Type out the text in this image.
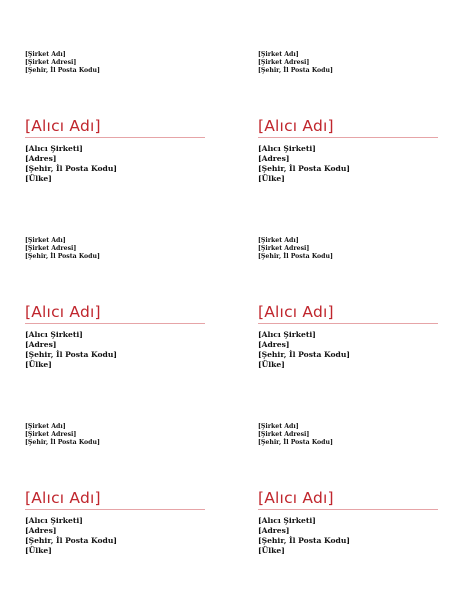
[Şirket Adı]
[Şirket Adresi]
[Şehir, İl Posta Kodu]
[Alıcı Adı]
[Alıcı Şirketi]
[Adres]
[Şehir, İl Posta Kodu]
[Ülke]
[Şirket Adı]
[Şirket Adresi]
[Şehir, İl Posta Kodu]
[Alıcı Adı]
[Alıcı Şirketi]
[Adres]
[Şehir, İl Posta Kodu]
[Ülke]
[Şirket Adı]
[Şirket Adresi]
[Şehir, İl Posta Kodu]
[Alıcı Adı]
[Alıcı Şirketi]
[Adres]
[Şehir, İl Posta Kodu]
[Ülke]
[Şirket Adı]
[Şirket Adresi]
[Şehir, İl Posta Kodu]
[Alıcı Adı]
[Alıcı Şirketi]
[Adres]
[Şehir, İl Posta Kodu]
[Ülke]
[Şirket Adı]
[Şirket Adresi]
[Şehir, İl Posta Kodu]
[Alıcı Adı]
[Alıcı Şirketi]
[Adres]
[Şehir, İl Posta Kodu]
[Ülke]
[Şirket Adı]
[Şirket Adresi]
[Şehir, İl Posta Kodu]
[Alıcı Adı]
[Alıcı Şirketi]
[Adres]
[Şehir, İl Posta Kodu]
[Ülke]
